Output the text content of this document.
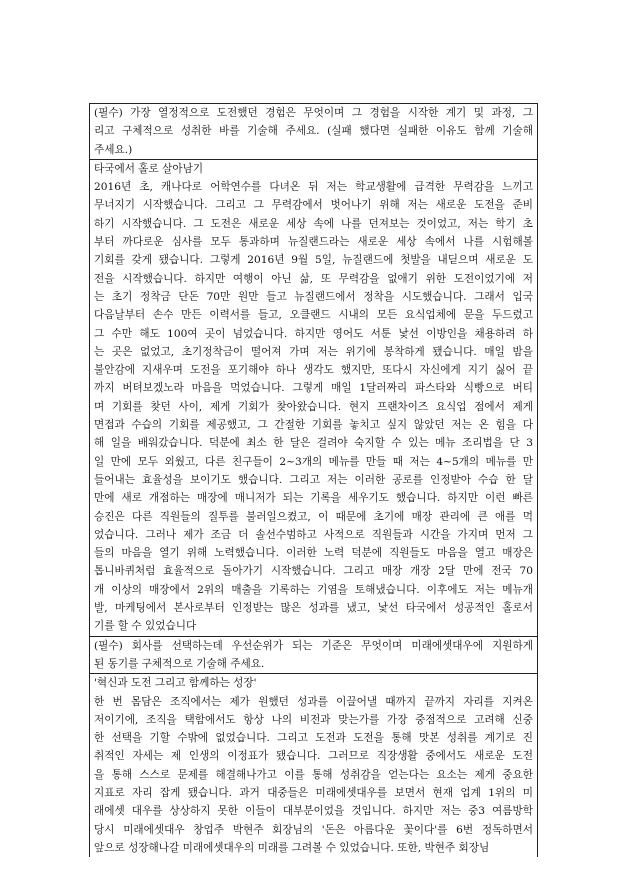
(필수) 가장 열정적으로 도전했던 경험은 무엇이며 그 경험을 시작한 계기 및 과정, 그
리고 구체적으로 성취한 바를 기술해 주세요. (실패 했다면 실패한 이유도 함께 기술해
주세요.)
타국에서 홀로 살아남기
2016년 초, 캐나다로 어학연수를 다녀온 뒤 저는 학교생활에 급격한 무력감을 느끼고
무너지기 시작했습니다. 그리고 그 무력감에서 벗어나기 위해 저는 새로운 도전을 준비
하기 시작했습니다. 그 도전은 새로운 세상 속에 나를 던져보는 것이었고, 저는 학기 초
부터 까다로운 심사를 모두 통과하며 뉴질랜드라는 새로운 세상 속에서 나를 시험해볼
기회를 갖게 됐습니다. 그렇게 2016년 9월 5일, 뉴질랜드에 첫발을 내딛으며 새로운 도
전을 시작했습니다. 하지만 여행이 아닌 삶, 또 무력감을 없애기 위한 도전이었기에 저
는 초기 정착금 단돈 70만 원만 들고 뉴질랜드에서 정착을 시도했습니다. 그래서 입국
다음날부터 손수 만든 이력서를 들고, 오클랜드 시내의 모든 요식업체에 문을 두드렸고
그 수만 해도 100여 곳이 넘었습니다. 하지만 영어도 서툰 낯선 이방인을 채용하려 하
는 곳은 없었고, 초기정착금이 떨어져 가며 저는 위기에 봉착하게 됐습니다. 매일 밤을
불안감에 지새우며 도전을 포기해야 하나 생각도 했지만, 또다시 자신에게 지기 싫어 끝
까지 버텨보겠노라 마음을 먹었습니다. 그렇게 매일 1달러짜리 파스타와 식빵으로 버티
며 기회를 찾던 사이, 제게 기회가 찾아왔습니다. 현지 프랜차이즈 요식업 점에서 제게
면접과 수습의 기회를 제공했고, 그 간절한 기회를 놓치고 싶지 않았던 저는 온 힘을 다
해 일을 배워갔습니다. 덕분에 최소 한 달은 걸려야 숙지할 수 있는 메뉴 조리법을 단 3
일 만에 모두 외웠고, 다른 친구들이 2~3개의 메뉴를 만들 때 저는 4~5개의 메뉴를 만
들어내는 효율성을 보이기도 했습니다. 그리고 저는 이러한 공로를 인정받아 수습 한 달
만에 새로 개점하는 매장에 매니저가 되는 기록을 세우기도 했습니다. 하지만 이런 빠른
승진은 다른 직원들의 질투를 불러일으켰고, 이 때문에 초기에 매장 관리에 큰 애를 먹
었습니다. 그러나 제가 조금 더 솔선수범하고 사적으로 직원들과 시간을 가지며 먼저 그
들의 마음을 열기 위해 노력했습니다. 이러한 노력 덕분에 직원들도 마음을 열고 매장은
톱니바퀴처럼 효율적으로 돌아가기 시작했습니다. 그리고 매장 개장 2달 만에 전국 70
개 이상의 매장에서 2위의 매출을 기록하는 기염을 토해냈습니다. 이후에도 저는 메뉴개
발, 마케팅에서 본사로부터 인정받는 많은 성과를 냈고, 낯선 타국에서 성공적인 홀로서
기를 할 수 있었습니다
(필수) 회사를 선택하는데 우선순위가 되는 기준은 무엇이며 미래에셋대우에 지원하게
된 동기를 구체적으로 기술해 주세요.
'혁신과 도전 그리고 함께하는 성장'
한 번 몸담은 조직에서는 제가 원했던 성과를 이끌어낼 때까지 끝까지 자리를 지켜온
저이기에, 조직을 택함에서도 항상 나의 비전과 맞는가를 가장 중점적으로 고려해 신중
한 선택을 기할 수밖에 없었습니다. 그리고 도전과 도전을 통해 맛본 성취를 계기로 진
취적인 자세는 제 인생의 이정표가 됐습니다. 그러므로 직장생활 중에서도 새로운 도전
을 통해 스스로 문제를 해결해나가고 이를 통해 성취감을 얻는다는 요소는 제게 중요한
지표로 자리 잡게 됐습니다. 과거 대중들은 미래에셋대우를 보면서 현재 업계 1위의 미
래에셋 대우를 상상하지 못한 이들이 대부분이었을 것입니다. 하지만 저는 중3 여름방학
당시 미래에셋대우 창업주 박현주 회장님의 '돈은 아름다운 꽃이다'를 6번 정독하면서
앞으로 성장해나갈 미래에셋대우의 미래를 그려볼 수 있었습니다. 또한, 박현주 회장님
